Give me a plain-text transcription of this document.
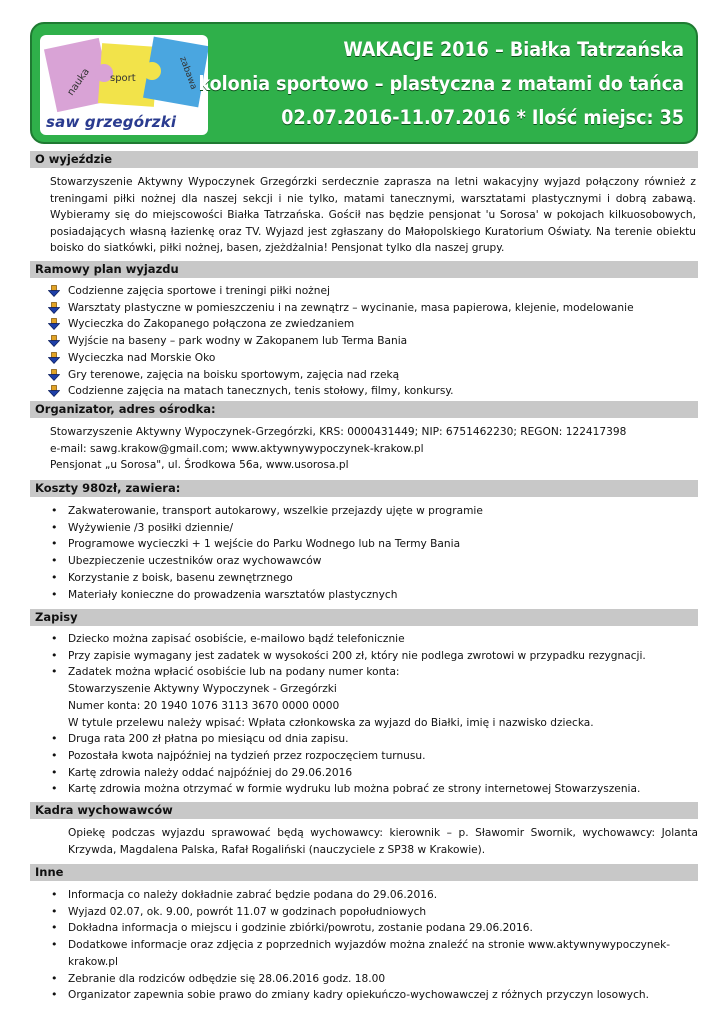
nauka sport	zabawa
saw grzegórzki
WAKACJE 2016 – Białka Tatrzańska
kolonia sportowo – plastyczna z matami do tańca
02.07.2016-11.07.2016 * Ilość miejsc: 35
O wyjeździe
Stowarzyszenie Aktywny Wypoczynek Grzegórzki serdecznie zaprasza na letni wakacyjny wyjazd połączony również z treningami piłki nożnej dla naszej sekcji i nie tylko, matami tanecznymi, warsztatami plastycznymi i dobrą zabawą. Wybieramy się do miejscowości Białka Tatrzańska. Gościł nas będzie pensjonat 'u Sorosa' w pokojach kilkuosobowych, posiadających własną łazienkę oraz TV. Wyjazd jest zgłaszany do Małopolskiego Kuratorium Oświaty. Na terenie obiektu boisko do siatkówki, piłki nożnej, basen, zjeżdżalnia! Pensjonat tylko dla naszej grupy.
Ramowy plan wyjazdu
Codzienne zajęcia sportowe i treningi piłki nożnej
Warsztaty plastyczne w pomieszczeniu i na zewnątrz – wycinanie, masa papierowa, klejenie, modelowanie
Wycieczka do Zakopanego połączona ze zwiedzaniem
Wyjście na baseny – park wodny w Zakopanem lub Terma Bania
Wycieczka nad Morskie Oko
Gry terenowe, zajęcia na boisku sportowym, zajęcia nad rzeką
Codzienne zajęcia na matach tanecznych, tenis stołowy, filmy, konkursy.
Organizator, adres ośrodka:
Stowarzyszenie Aktywny Wypoczynek-Grzegórzki, KRS: 0000431449; NIP: 6751462230; REGON: 122417398
e-mail: sawg.krakow@gmail.com; www.aktywnywypoczynek-krakow.pl
Pensjonat „u Sorosa", ul. Środkowa 56a, www.usorosa.pl
Koszty 980zł, zawiera:
• Zakwaterowanie, transport autokarowy, wszelkie przejazdy ujęte w programie
• Wyżywienie /3 posiłki dziennie/
• Programowe wycieczki + 1 wejście do Parku Wodnego lub na Termy Bania
• Ubezpieczenie uczestników oraz wychowawców
• Korzystanie z boisk, basenu zewnętrznego
• Materiały konieczne do prowadzenia warsztatów plastycznych
Zapisy
• Dziecko można zapisać osobiście, e-mailowo bądź telefonicznie
• Przy zapisie wymagany jest zadatek w wysokości 200 zł, który nie podlega zwrotowi w przypadku rezygnacji.
• Zadatek można wpłacić osobiście lub na podany numer konta:
Stowarzyszenie Aktywny Wypoczynek - Grzegórzki
Numer konta: 20 1940 1076 3113 3670 0000 0000
W tytule przelewu należy wpisać: Wpłata członkowska za wyjazd do Białki, imię i nazwisko dziecka.
• Druga rata 200 zł płatna po miesiącu od dnia zapisu.
• Pozostała kwota najpóźniej na tydzień przez rozpoczęciem turnusu.
• Kartę zdrowia należy oddać najpóźniej do 29.06.2016
• Kartę zdrowia można otrzymać w formie wydruku lub można pobrać ze strony internetowej Stowarzyszenia.
Kadra wychowawców
Opiekę podczas wyjazdu sprawować będą wychowawcy: kierownik – p. Sławomir Swornik, wychowawcy: Jolanta Krzywda, Magdalena Palska, Rafał Rogaliński (nauczyciele z SP38 w Krakowie).
Inne
• Informacja co należy dokładnie zabrać będzie podana do 29.06.2016.
• Wyjazd 02.07, ok. 9.00, powrót 11.07 w godzinach popołudniowych
• Dokładna informacja o miejscu i godzinie zbiórki/powrotu, zostanie podana 29.06.2016.
• Dodatkowe informacje oraz zdjęcia z poprzednich wyjazdów można znaleźć na stronie www.aktywnywypoczynek-krakow.pl
• Zebranie dla rodziców odbędzie się 28.06.2016 godz. 18.00
• Organizator zapewnia sobie prawo do zmiany kadry opiekuńczo-wychowawczej z różnych przyczyn losowych.
